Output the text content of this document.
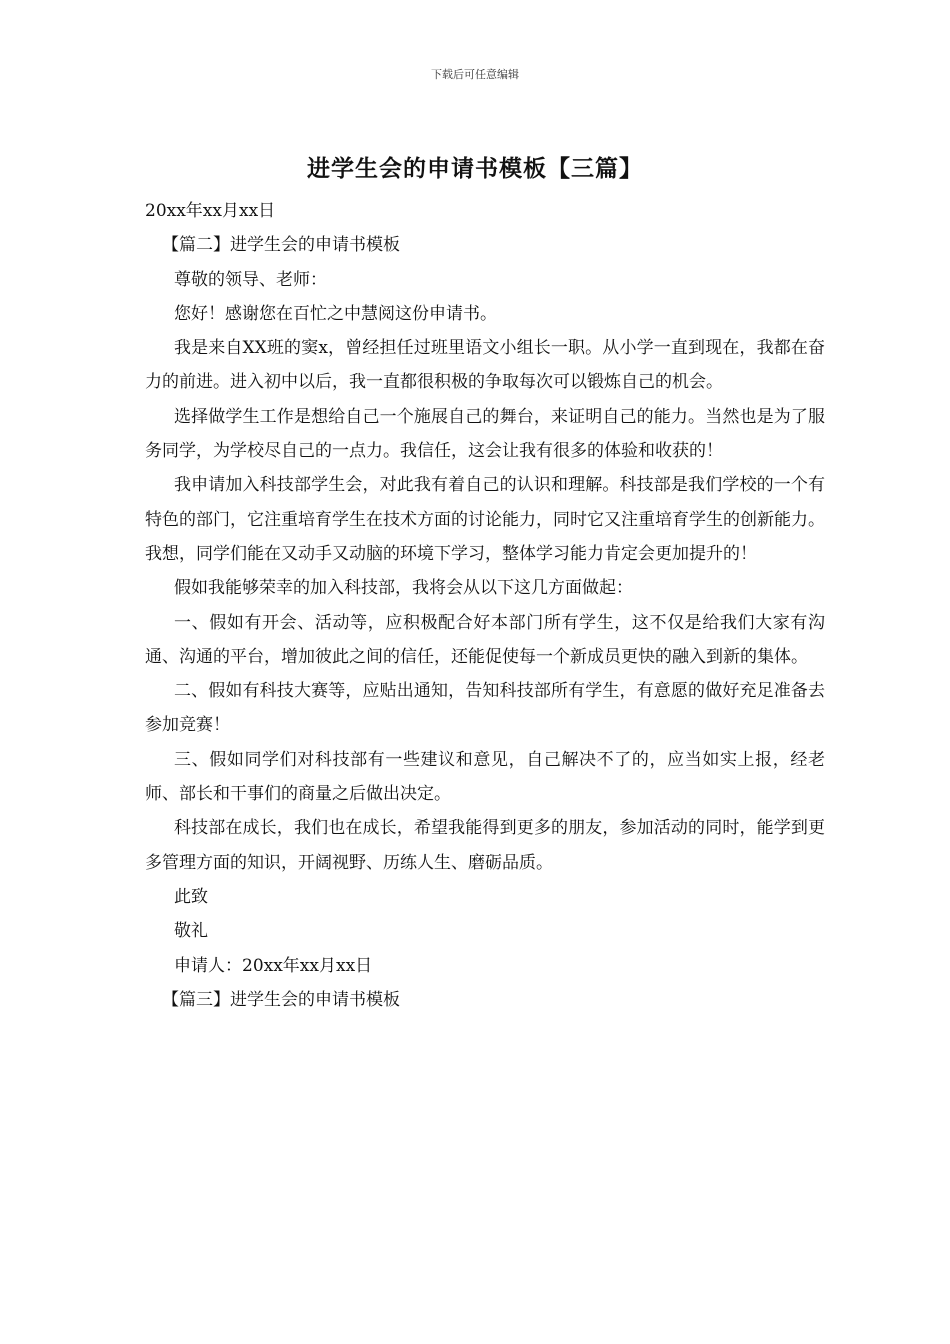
下载后可任意编辑
进学生会的申请书模板【三篇】

20xx年xx月xx日

【篇二】进学生会的申请书模板

尊敬的领导、老师：

您好！感谢您在百忙之中慧阅这份申请书。

我是来自XX班的窦x，曾经担任过班里语文小组长一职。从小学一直到现在，我都在奋力的前进。进入初中以后，我一直都很积极的争取每次可以锻炼自己的机会。

选择做学生工作是想给自己一个施展自己的舞台，来证明自己的能力。当然也是为了服务同学，为学校尽自己的一点力。我信任，这会让我有很多的体验和收获的！

我申请加入科技部学生会，对此我有着自己的认识和理解。科技部是我们学校的一个有特色的部门，它注重培育学生在技术方面的讨论能力，同时它又注重培育学生的创新能力。我想，同学们能在又动手又动脑的环境下学习，整体学习能力肯定会更加提升的！

假如我能够荣幸的加入科技部，我将会从以下这几方面做起：

一、假如有开会、活动等，应积极配合好本部门所有学生，这不仅是给我们大家有沟通、沟通的平台，增加彼此之间的信任，还能促使每一个新成员更快的融入到新的集体。

二、假如有科技大赛等，应贴出通知，告知科技部所有学生，有意愿的做好充足准备去参加竞赛！

三、假如同学们对科技部有一些建议和意见，自己解决不了的，应当如实上报，经老师、部长和干事们的商量之后做出决定。

科技部在成长，我们也在成长，希望我能得到更多的朋友，参加活动的同时，能学到更多管理方面的知识，开阔视野、历练人生、磨砺品质。

此致

敬礼

申请人：20xx年xx月xx日

【篇三】进学生会的申请书模板
